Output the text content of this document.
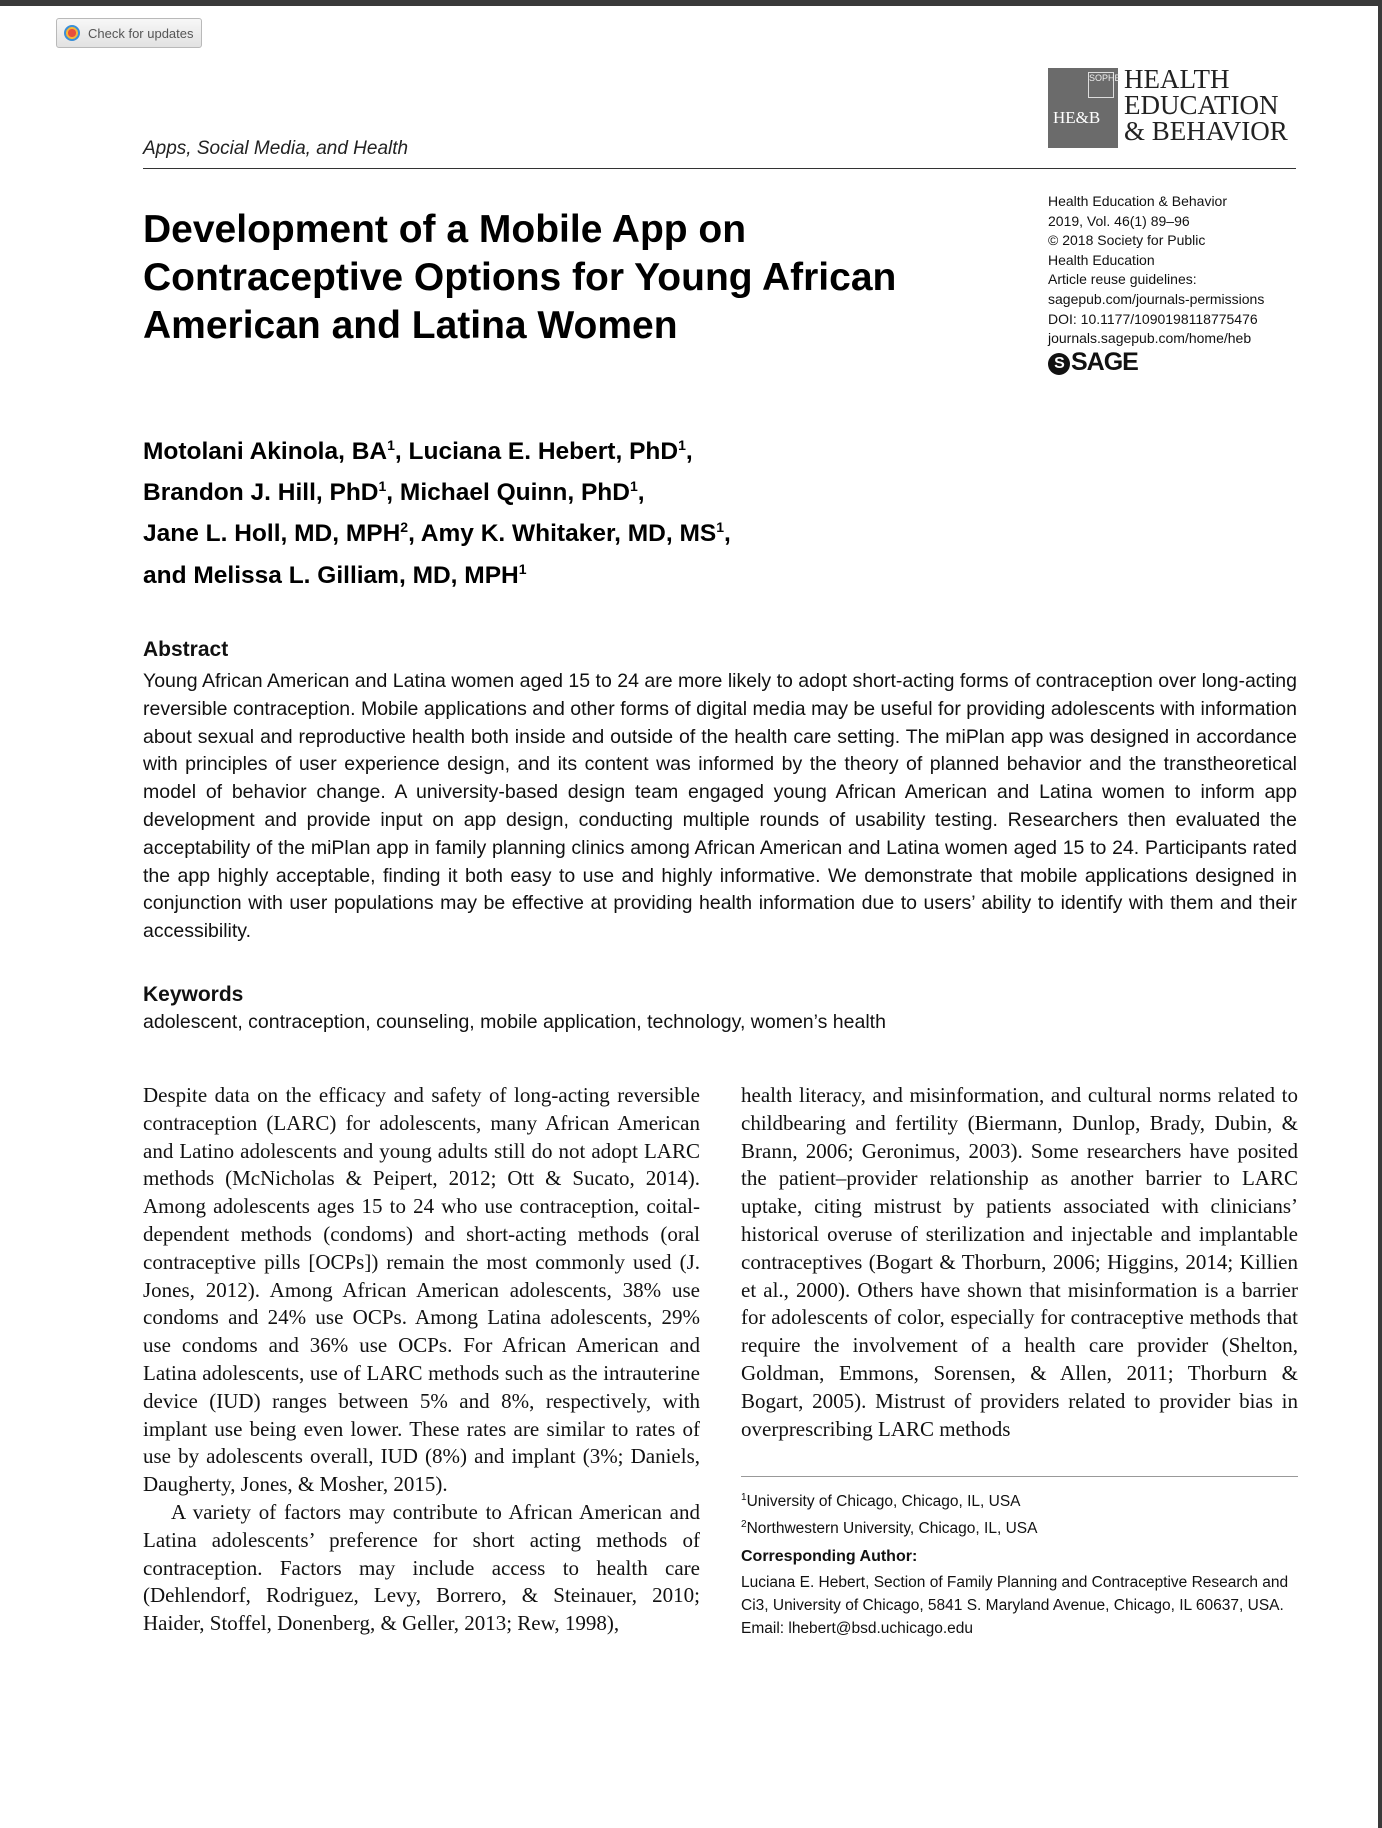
Check for updates
Apps, Social Media, and Health
SOPHE
HE&B
HEALTH
EDUCATION
& BEHAVIOR
Development of a Mobile App on Contraceptive Options for Young African American and Latina Women
Health Education & Behavior
2019, Vol. 46(1) 89–96
© 2018 Society for Public
Health Education
Article reuse guidelines:
sagepub.com/journals-permissions
DOI: 10.1177/1090198118775476
journals.sagepub.com/home/heb
S SAGE
Motolani Akinola, $BA^1$, Luciana E. Hebert, PhD$^1$,
Brandon J. Hill, PhD$^1$, Michael Quinn, PhD$^1$,
Jane L. Holl, MD, MPH$^2$, Amy K. Whitaker, MD, $MS^1$,
and Melissa L. Gilliam, MD, MPH$^1$
Abstract
Young African American and Latina women aged 15 to 24 are more likely to adopt short-acting forms of contraception over long-acting reversible contraception. Mobile applications and other forms of digital media may be useful for providing adolescents with information about sexual and reproductive health both inside and outside of the health care setting. The miPlan app was designed in accordance with principles of user experience design, and its content was informed by the theory of planned behavior and the transtheoretical model of behavior change. A university-based design team engaged young African American and Latina women to inform app development and provide input on app design, conducting multiple rounds of usability testing. Researchers then evaluated the acceptability of the miPlan app in family planning clinics among African American and Latina women aged 15 to 24. Participants rated the app highly acceptable, finding it both easy to use and highly informative. We demonstrate that mobile applications designed in conjunction with user populations may be effective at providing health information due to users’ ability to identify with them and their accessibility.
Keywords
adolescent, contraception, counseling, mobile application, technology, women’s health

Despite data on the efficacy and safety of long-acting reversible contraception (LARC) for adolescents, many African American and Latino adolescents and young adults still do not adopt LARC methods (McNicholas & Peipert, 2012; Ott & Sucato, 2014). Among adolescents ages 15 to 24 who use contraception, coital-dependent methods (condoms) and short-acting methods (oral contraceptive pills [OCPs]) remain the most commonly used (J. Jones, 2012). Among African American adolescents, 38% use condoms and 24% use OCPs. Among Latina adolescents, 29% use condoms and 36% use OCPs. For African American and Latina adolescents, use of LARC methods such as the intrauterine device (IUD) ranges between 5% and 8%, respectively, with implant use being even lower. These rates are similar to rates of use by adolescents overall, IUD (8%) and implant (3%; Daniels, Daugherty, Jones, & Mosher, 2015).

A variety of factors may contribute to African American and Latina adolescents’ preference for short acting methods of contraception. Factors may include access to health care (Dehlendorf, Rodriguez, Levy, Borrero, & Steinauer, 2010; Haider, Stoffel, Donenberg, & Geller, 2013; Rew, 1998),

health literacy, and misinformation, and cultural norms related to childbearing and fertility (Biermann, Dunlop, Brady, Dubin, & Brann, 2006; Geronimus, 2003). Some researchers have posited the patient–provider relationship as another barrier to LARC uptake, citing mistrust by patients associated with clinicians’ historical overuse of sterilization and injectable and implantable contraceptives (Bogart & Thorburn, 2006; Higgins, 2014; Killien et al., 2000). Others have shown that misinformation is a barrier for adolescents of color, especially for contraceptive methods that require the involvement of a health care provider (Shelton, Goldman, Emmons, Sorensen, & Allen, 2011; Thorburn & Bogart, 2005). Mistrust of providers related to provider bias in overprescribing LARC methods

$^1$University of Chicago, Chicago, IL, USA
$^2$Northwestern University, Chicago, IL, USA
Corresponding Author:
Luciana E. Hebert, Section of Family Planning and Contraceptive Research and Ci3, University of Chicago, 5841 S. Maryland Avenue, Chicago, IL 60637, USA.
Email: lhebert@bsd.uchicago.edu
